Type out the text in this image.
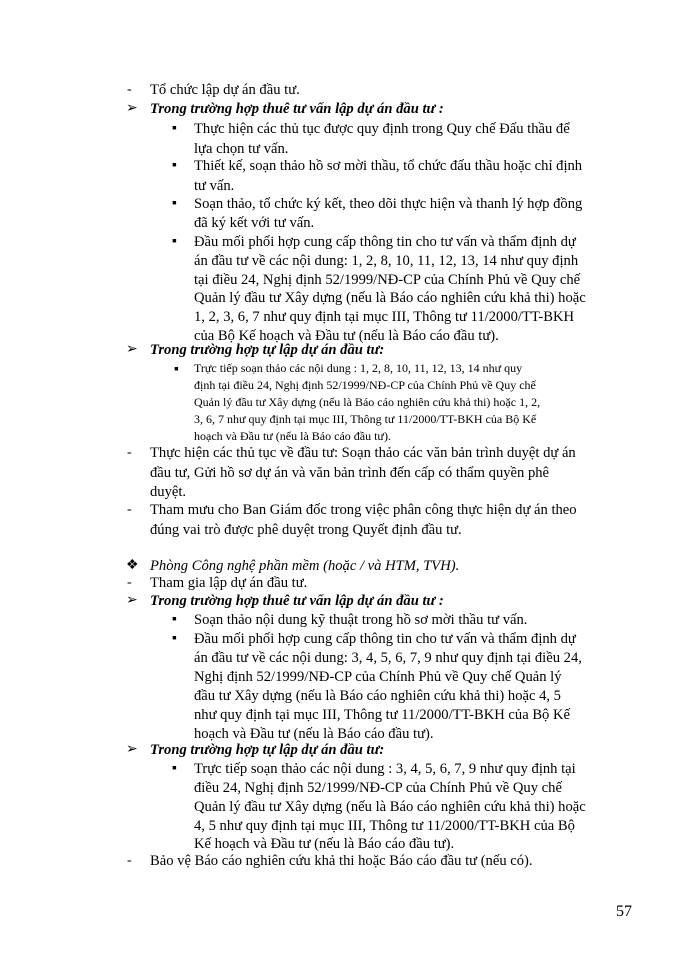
- Tổ chức lập dự án đầu tư.
➢ Trong trường hợp thuê tư vấn lập dự án đầu tư :
▪ Thực hiện các thủ tục được quy định trong Quy chế Đấu thầu để
lựa chọn tư vấn.
▪ Thiết kế, soạn thảo hồ sơ mời thầu, tổ chức đấu thầu hoặc chỉ định
tư vấn.
▪ Soạn thảo, tổ chức ký kết, theo dõi thực hiện và thanh lý hợp đồng
đã ký kết với tư vấn.
▪ Đầu mối phối hợp cung cấp thông tin cho tư vấn và thẩm định dự
án đầu tư về các nội dung: 1, 2, 8, 10, 11, 12, 13, 14 như quy định
tại điều 24, Nghị định 52/1999/NĐ-CP của Chính Phủ về Quy chế
Quản lý đầu tư Xây dựng (nếu là Báo cáo nghiên cứu khả thi) hoặc
1, 2, 3, 6, 7 như quy định tại mục III, Thông tư 11/2000/TT-BKH
của Bộ Kế hoạch và Đầu tư (nếu là Báo cáo đầu tư).
➢ Trong trường hợp tự lập dự án đầu tư:
▪ Trực tiếp soạn thảo các nội dung : 1, 2, 8, 10, 11, 12, 13, 14 như quy
định tại điều 24, Nghị định 52/1999/NĐ-CP của Chính Phủ về Quy chế
Quản lý đầu tư Xây dựng (nếu là Báo cáo nghiên cứu khả thi) hoặc 1, 2,
3, 6, 7 như quy định tại mục III, Thông tư 11/2000/TT-BKH của Bộ Kế
hoạch và Đầu tư (nếu là Báo cáo đầu tư).
- Thực hiện các thủ tục về đầu tư: Soạn thảo các văn bản trình duyệt dự án
đầu tư, Gửi hồ sơ dự án và văn bản trình đến cấp có thẩm quyền phê
duyệt.
- Tham mưu cho Ban Giám đốc trong việc phân công thực hiện dự án theo
đúng vai trò được phê duyệt trong Quyết định đầu tư.
❖ Phòng Công nghệ phần mềm (hoặc / và HTM, TVH).
- Tham gia lập dự án đầu tư.
➢ Trong trường hợp thuê tư vấn lập dự án đầu tư :
▪ Soạn thảo nội dung kỹ thuật trong hồ sơ mời thầu tư vấn.
▪ Đầu mối phối hợp cung cấp thông tin cho tư vấn và thẩm định dự
án đầu tư về các nội dung: 3, 4, 5, 6, 7, 9 như quy định tại điều 24,
Nghị định 52/1999/NĐ-CP của Chính Phủ về Quy chế Quản lý
đầu tư Xây dựng (nếu là Báo cáo nghiên cứu khả thi) hoặc 4, 5
như quy định tại mục III, Thông tư 11/2000/TT-BKH của Bộ Kế
hoạch và Đầu tư (nếu là Báo cáo đầu tư).
➢ Trong trường hợp tự lập dự án đầu tư:
▪ Trực tiếp soạn thảo các nội dung : 3, 4, 5, 6, 7, 9 như quy định tại
điều 24, Nghị định 52/1999/NĐ-CP của Chính Phủ về Quy chế
Quản lý đầu tư Xây dựng (nếu là Báo cáo nghiên cứu khả thi) hoặc
4, 5 như quy định tại mục III, Thông tư 11/2000/TT-BKH của Bộ
Kế hoạch và Đầu tư (nếu là Báo cáo đầu tư).
- Bảo vệ Báo cáo nghiên cứu khả thi hoặc Báo cáo đầu tư (nếu có).
57
